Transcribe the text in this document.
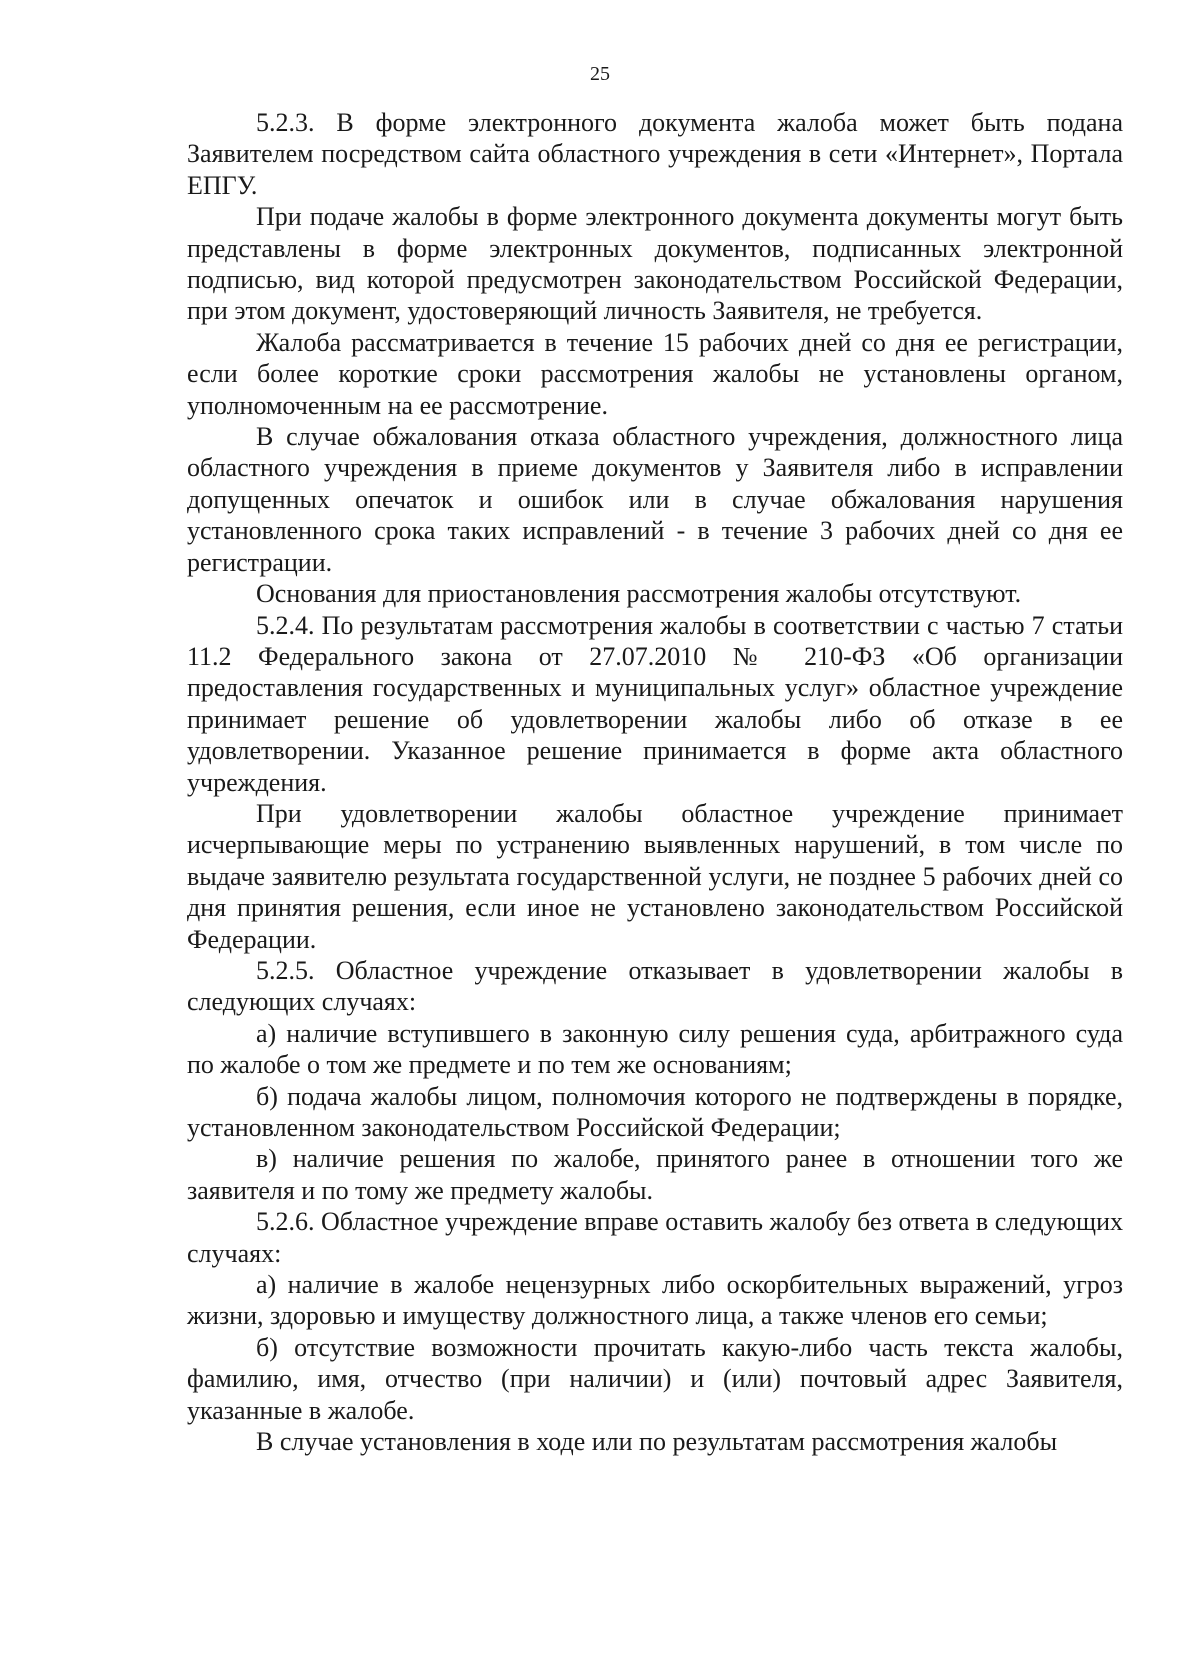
25

5.2.3. В форме электронного документа жалоба может быть подана Заявителем посредством сайта областного учреждения в сети «Интернет», Портала ЕПГУ.

При подаче жалобы в форме электронного документа документы могут быть представлены в форме электронных документов, подписанных электронной подписью, вид которой предусмотрен законодательством Российской Федерации, при этом документ, удостоверяющий личность Заявителя, не требуется.

Жалоба рассматривается в течение 15 рабочих дней со дня ее регистрации, если более короткие сроки рассмотрения жалобы не установлены органом, уполномоченным на ее рассмотрение.

В случае обжалования отказа областного учреждения, должностного лица областного учреждения в приеме документов у Заявителя либо в исправлении допущенных опечаток и ошибок или в случае обжалования нарушения установленного срока таких исправлений - в течение 3 рабочих дней со дня ее регистрации.

Основания для приостановления рассмотрения жалобы отсутствуют.

5.2.4. По результатам рассмотрения жалобы в соответствии с частью 7 статьи 11.2 Федерального закона от 27.07.2010 № 210-ФЗ «Об организации предоставления государственных и муниципальных услуг» областное учреждение принимает решение об удовлетворении жалобы либо об отказе в ее удовлетворении. Указанное решение принимается в форме акта областного учреждения.

При удовлетворении жалобы областное учреждение принимает исчерпывающие меры по устранению выявленных нарушений, в том числе по выдаче заявителю результата государственной услуги, не позднее 5 рабочих дней со дня принятия решения, если иное не установлено законодательством Российской Федерации.

5.2.5. Областное учреждение отказывает в удовлетворении жалобы в следующих случаях:

а) наличие вступившего в законную силу решения суда, арбитражного суда по жалобе о том же предмете и по тем же основаниям;

б) подача жалобы лицом, полномочия которого не подтверждены в порядке, установленном законодательством Российской Федерации;

в) наличие решения по жалобе, принятого ранее в отношении того же заявителя и по тому же предмету жалобы.

5.2.6. Областное учреждение вправе оставить жалобу без ответа в следующих случаях:

а) наличие в жалобе нецензурных либо оскорбительных выражений, угроз жизни, здоровью и имуществу должностного лица, а также членов его семьи;

б) отсутствие возможности прочитать какую-либо часть текста жалобы, фамилию, имя, отчество (при наличии) и (или) почтовый адрес Заявителя, указанные в жалобе.

В случае установления в ходе или по результатам рассмотрения жалобы
